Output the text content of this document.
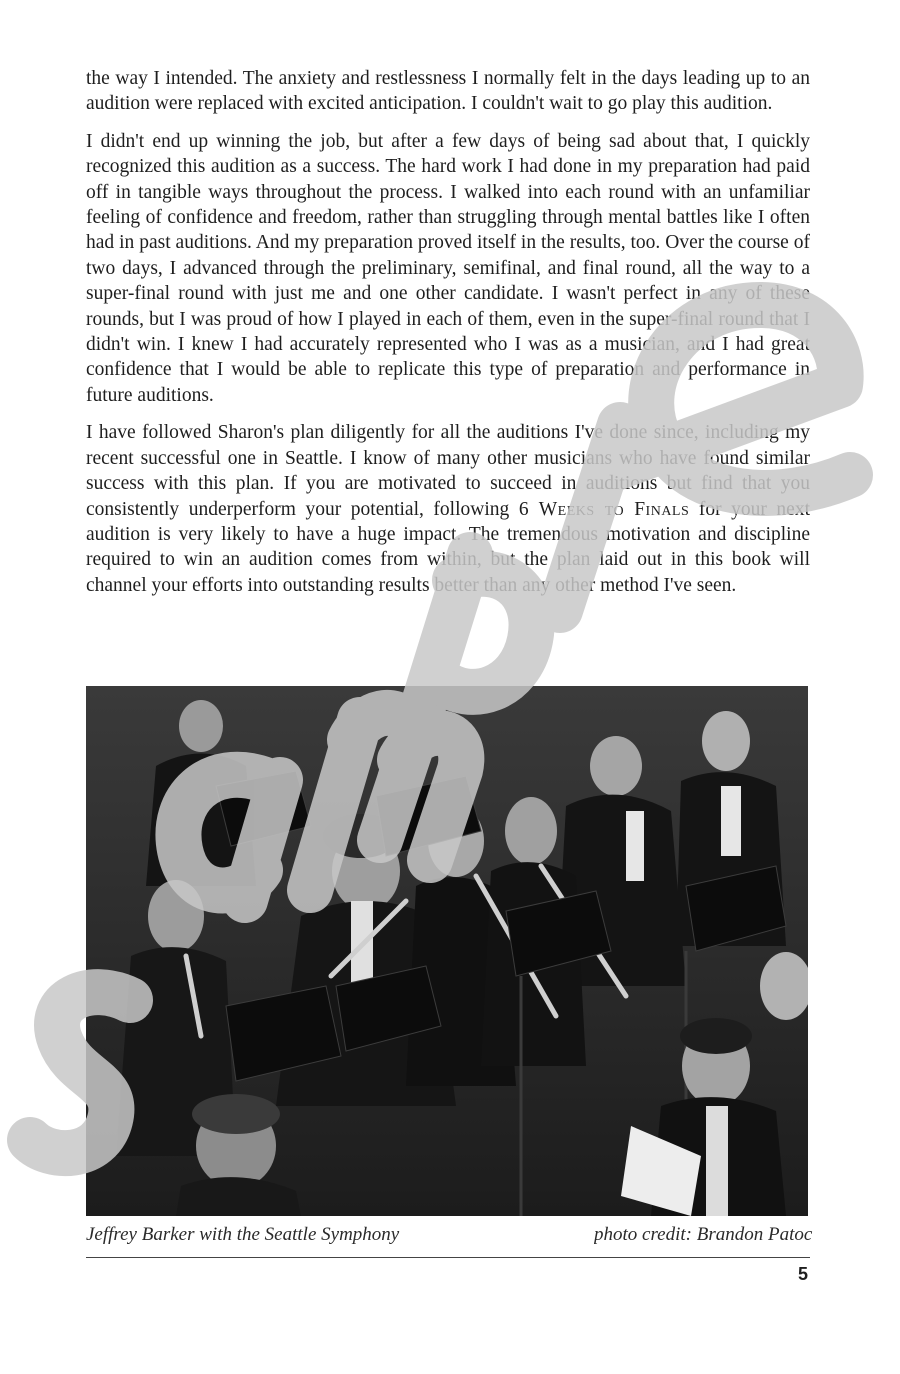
the way I intended. The anxiety and restlessness I normally felt in the days leading up to an audition were replaced with excited anticipation. I couldn't wait to go play this audition.

I didn't end up winning the job, but after a few days of being sad about that, I quickly recognized this audition as a success. The hard work I had done in my preparation had paid off in tangible ways throughout the process. I walked into each round with an unfamiliar feeling of confidence and freedom, rather than struggling through mental battles like I often had in past auditions. And my preparation proved itself in the results, too. Over the course of two days, I advanced through the preliminary, semifinal, and final round, all the way to a super-final round with just me and one other candidate. I wasn't perfect in any of these rounds, but I was proud of how I played in each of them, even in the super-final round that I didn't win. I knew I had accurately represented who I was as a musician, and I had great confidence that I would be able to replicate this type of preparation and performance in future auditions.

I have followed Sharon's plan diligently for all the auditions I've done since, including my recent successful one in Seattle. I know of many other musicians who have found similar success with this plan. If you are motivated to succeed in auditions but find that you consistently underperform your potential, following 6 Weeks to Finals for your next audition is very likely to have a huge impact. The tremendous motivation and discipline required to win an audition comes from within, but the plan laid out in this book will channel your efforts into outstanding results better than any other method I've seen.

Jeffrey Barker with the Seattle Symphony	photo credit: Brandon Patoc
5
